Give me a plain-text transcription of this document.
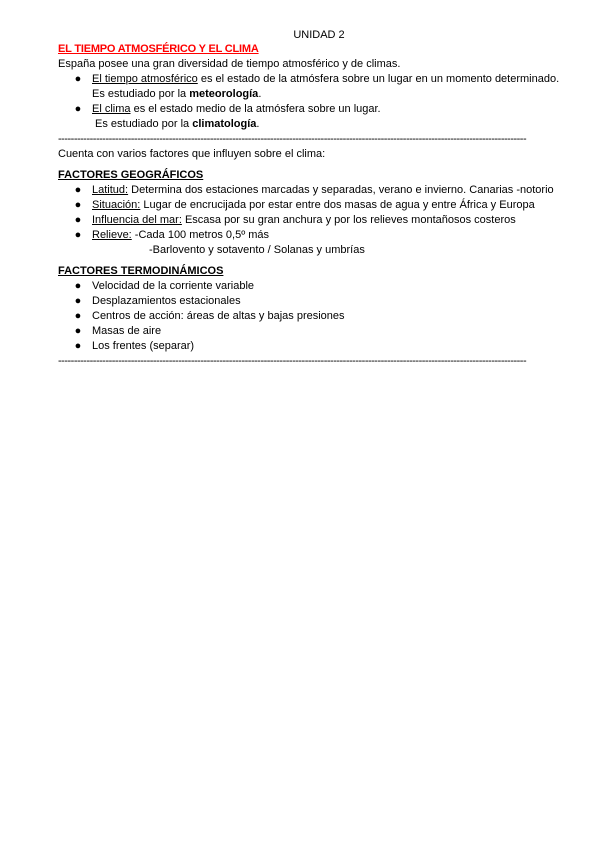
UNIDAD 2
EL TIEMPO ATMOSFÉRICO Y EL CLIMA
España posee una gran diversidad de tiempo atmosférico y de climas.
● El tiempo atmosférico es el estado de la atmósfera sobre un lugar en un momento determinado.
Es estudiado por la meteorología.
● El clima es el estado medio de la atmósfera sobre un lugar.
Es estudiado por la climatología.
----------------------------------------------------------------------------------------------------------------------------------------------------
Cuenta con varios factores que influyen sobre el clima:
FACTORES GEOGRÁFICOS
● Latitud: Determina dos estaciones marcadas y separadas, verano e invierno. Canarias -notorio
● Situación: Lugar de encrucijada por estar entre dos masas de agua y entre África y Europa
● Influencia del mar: Escasa por su gran anchura y por los relieves montañosos costeros
● Relieve: -Cada 100 metros 0,5º más
-Barlovento y sotavento / Solanas y umbrías
FACTORES TERMODINÁMICOS
● Velocidad de la corriente variable
● Desplazamientos estacionales
● Centros de acción: áreas de altas y bajas presiones
● Masas de aire
● Los frentes (separar)
----------------------------------------------------------------------------------------------------------------------------------------------------
